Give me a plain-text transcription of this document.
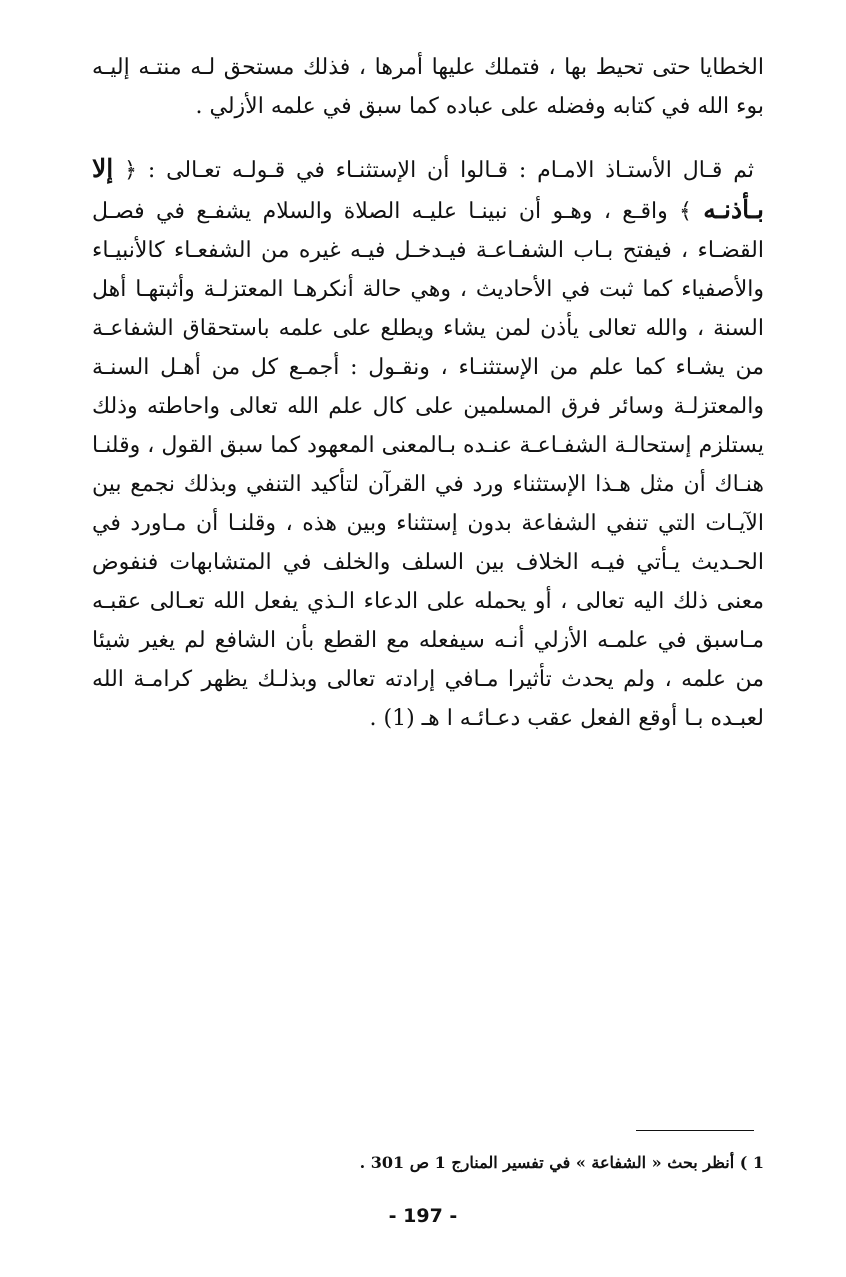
الخطايا حتى تحيط بها ، فتملك عليها أمرها ، فذلك مستحق لـه منتـه إليـه بوء الله في كتابه وفضله على عباده كما سبق في علمه الأزلي .

ثم قـال الأستـاذ الامـام : قـالوا أن الإستثنـاء في قـولـه تعـالى : ﴿ إلا بـأذنـه ﴾ واقـع ، وهـو أن نبينـا عليـه الصلاة والسلام يشفـع في فصـل القضـاء ، فيفتح بـاب الشفـاعـة فيـدخـل فيـه غيره من الشفعـاء كالأنبيـاء والأصفياء كما ثبت في الأحاديث ، وهي حالة أنكرهـا المعتزلـة وأثبتهـا أهل السنة ، والله تعالى يأذن لمن يشاء ويطلع على علمه باستحقاق الشفاعـة من يشـاء كما علم من الإستثنـاء ، ونقـول : أجمـع كل من أهـل السنـة والمعتزلـة وسائر فرق المسلمين على كال علم الله تعالى واحاطته وذلك يستلزم إستحالـة الشفـاعـة عنـده بـالمعنى المعهود كما سبق القول ، وقلنـا هنـاك أن مثل هـذا الإستثناء ورد في القرآن لتأكيد التنفي وبذلك نجمع بين الآيـات التي تنفي الشفاعة بدون إستثناء وبين هذه ، وقلنـا أن مـاورد في الحـديث يـأتي فيـه الخلاف بين السلف والخلف في المتشابهات فنفوض معنى ذلك اليه تعالى ، أو يحمله على الدعاء الـذي يفعل الله تعـالى عقبـه مـاسبق في علمـه الأزلي أنـه سيفعله مع القطع بأن الشافع لم يغير شيئا من علمه ، ولم يحدث تأثيرا مـافي إرادته تعالى وبذلـك يظهر كرامـة الله لعبـده بـا أوقع الفعل عقب دعـائـه ا هـ (1) .

1 ) أنظر بحث « الشفاعة » في تفسير المنارج 1 ص 301 .
- 197 -
